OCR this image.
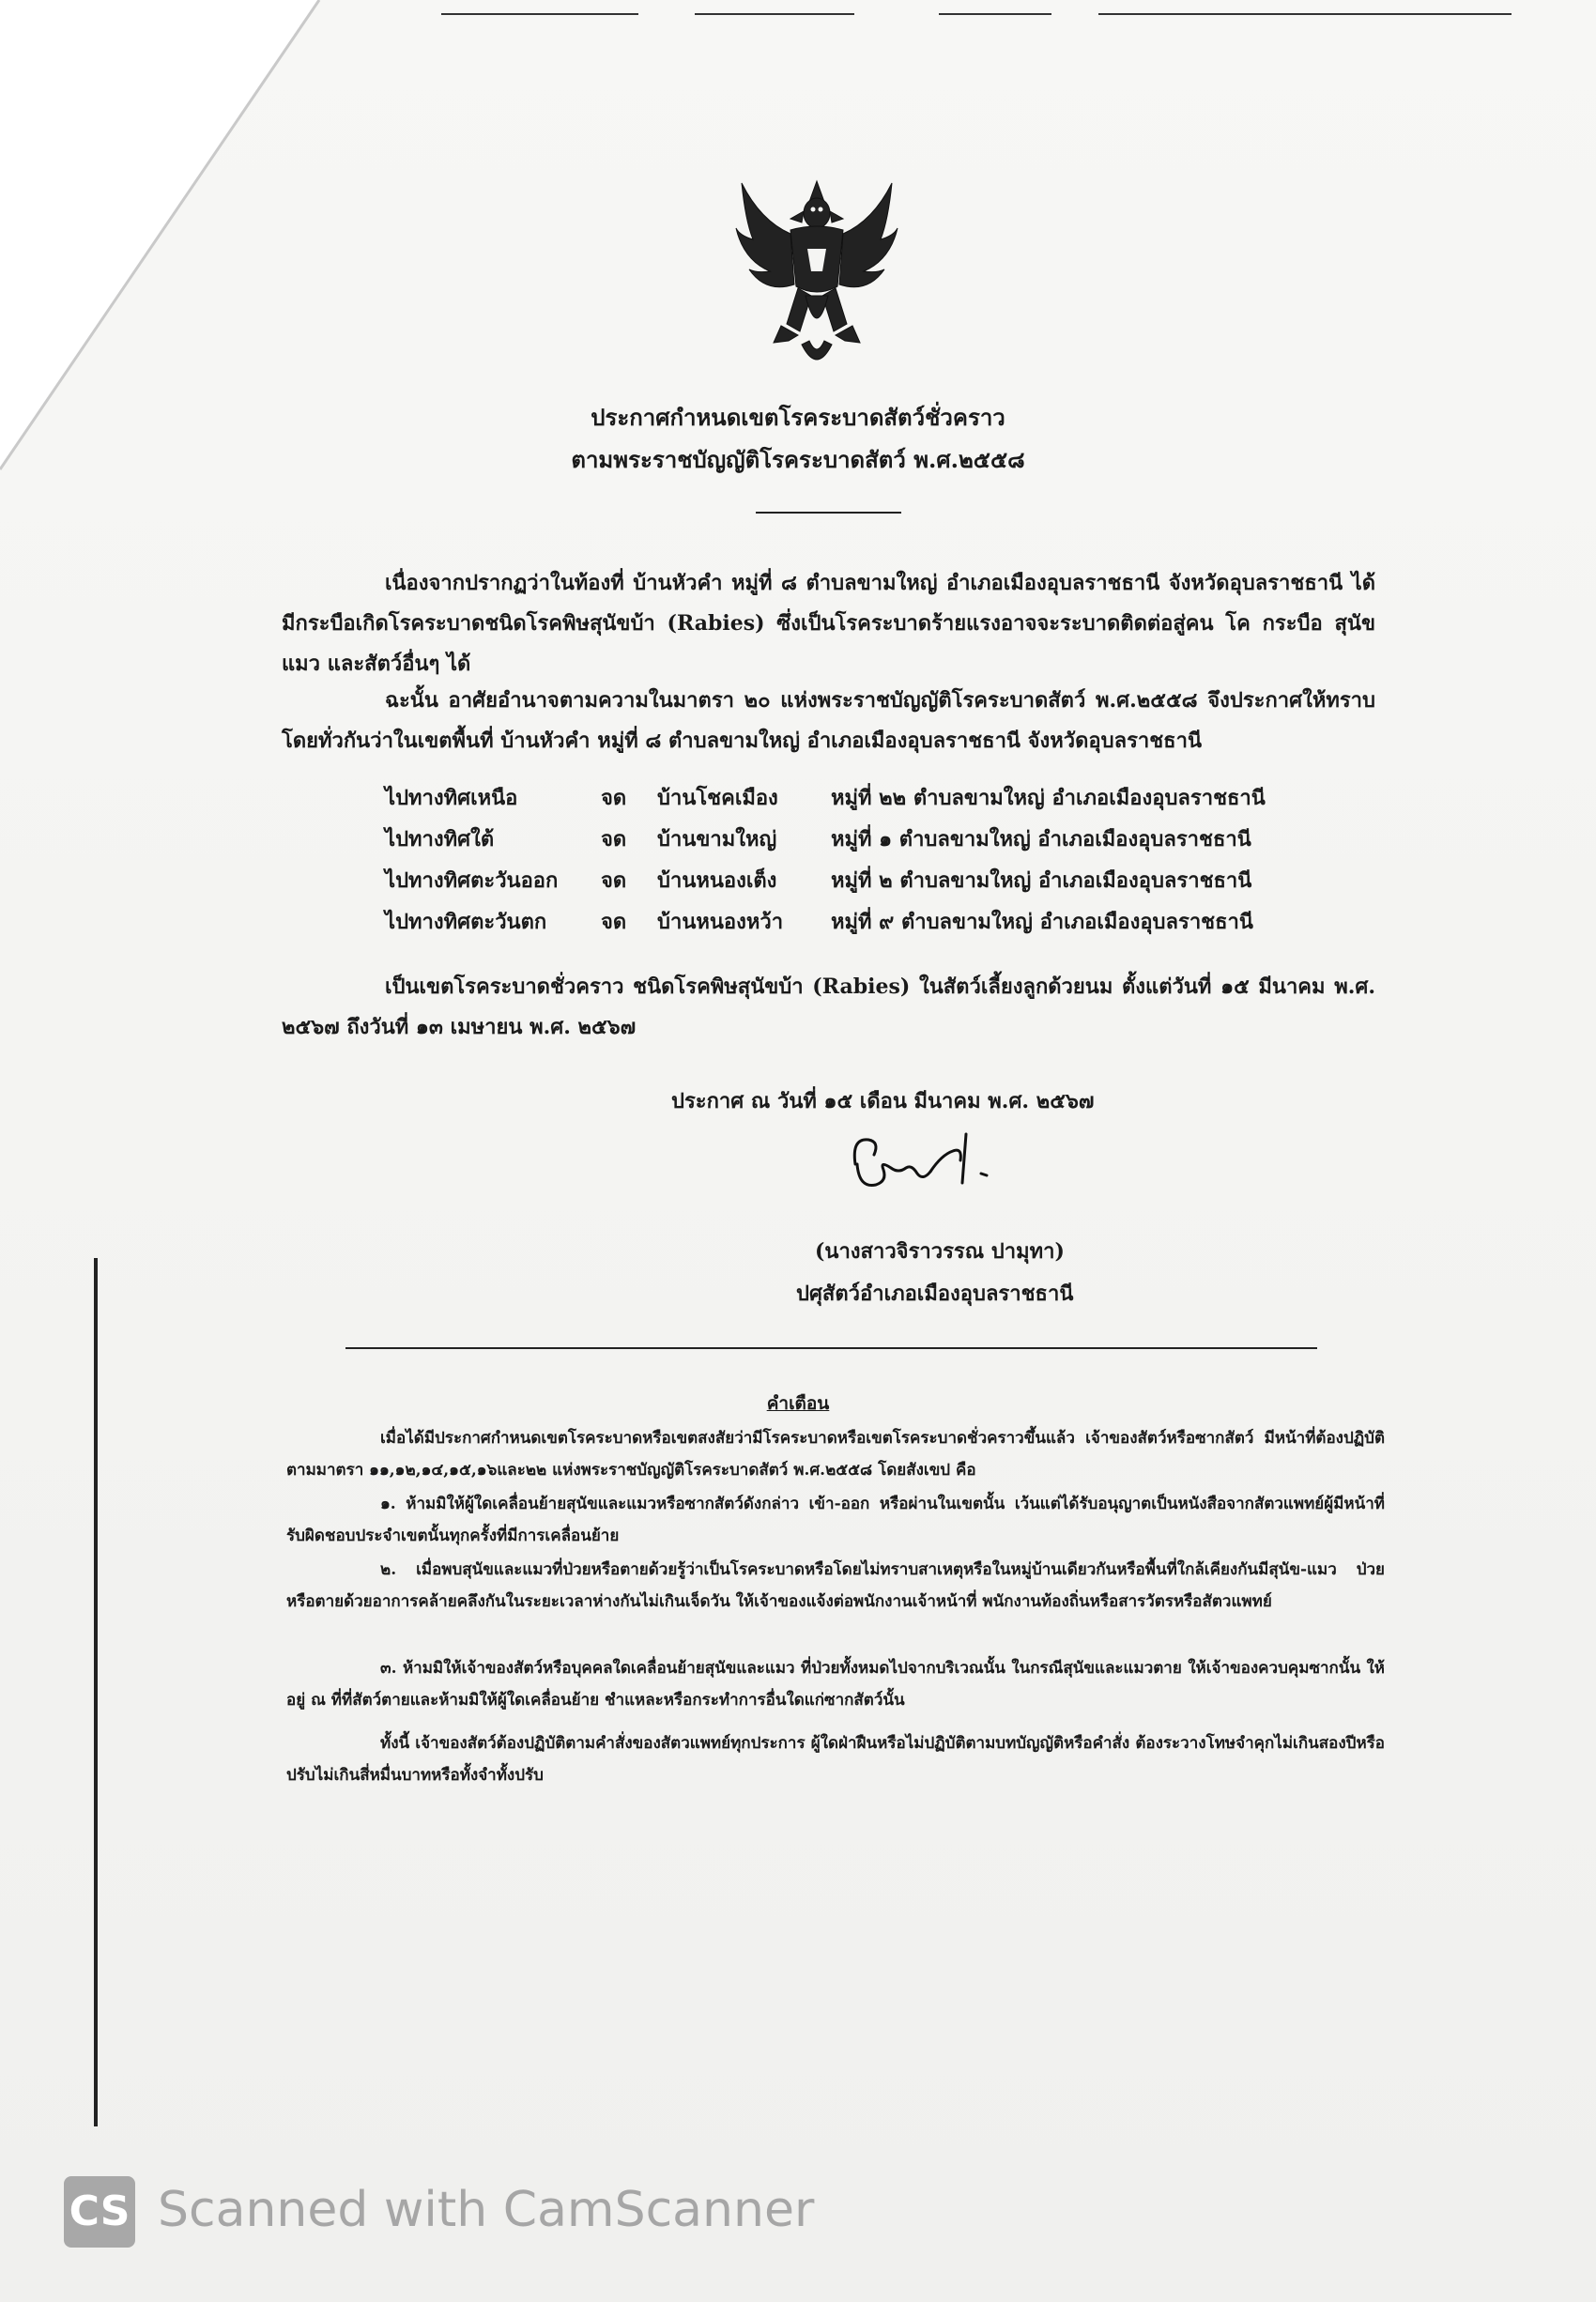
ประกาศกำหนดเขตโรคระบาดสัตว์ชั่วคราว
ตามพระราชบัญญัติโรคระบาดสัตว์ พ.ศ.๒๕๕๘
เนื่องจากปรากฏว่าในท้องที่ บ้านหัวคำ หมู่ที่ ๘ ตำบลขามใหญ่ อำเภอเมืองอุบลราชธานี จังหวัดอุบลราชธานี ได้มีกระบือเกิดโรคระบาดชนิดโรคพิษสุนัขบ้า (Rabies) ซึ่งเป็นโรคระบาดร้ายแรงอาจจะระบาดติดต่อสู่คน โค กระบือ สุนัข แมว และสัตว์อื่นๆ ได้
ฉะนั้น อาศัยอำนาจตามความในมาตรา ๒๐ แห่งพระราชบัญญัติโรคระบาดสัตว์ พ.ศ.๒๕๕๘ จึงประกาศให้ทราบโดยทั่วกันว่าในเขตพื้นที่ บ้านหัวคำ หมู่ที่ ๘ ตำบลขามใหญ่ อำเภอเมืองอุบลราชธานี จังหวัดอุบลราชธานี
ไปทางทิศเหนือ	จด บ้านโชคเมือง	หมู่ที่ ๒๒ ตำบลขามใหญ่ อำเภอเมืองอุบลราชธานี
ไปทางทิศใต้	จด บ้านขามใหญ่	หมู่ที่ ๑ ตำบลขามใหญ่ อำเภอเมืองอุบลราชธานี
ไปทางทิศตะวันออก จด บ้านหนองเต็ง	หมู่ที่ ๒ ตำบลขามใหญ่ อำเภอเมืองอุบลราชธานี
ไปทางทิศตะวันตก	จด บ้านหนองหว้า หมู่ที่ ๙ ตำบลขามใหญ่ อำเภอเมืองอุบลราชธานี
เป็นเขตโรคระบาดชั่วคราว ชนิดโรคพิษสุนัขบ้า (Rabies) ในสัตว์เลี้ยงลูกด้วยนม ตั้งแต่วันที่ ๑๕ มีนาคม พ.ศ. ๒๕๖๗ ถึงวันที่ ๑๓ เมษายน พ.ศ. ๒๕๖๗
ประกาศ ณ วันที่ ๑๕ เดือน มีนาคม พ.ศ. ๒๕๖๗
(นางสาวจิราวรรณ ปามุทา)
ปศุสัตว์อำเภอเมืองอุบลราชธานี
คำเตือน
เมื่อได้มีประกาศกำหนดเขตโรคระบาดหรือเขตสงสัยว่ามีโรคระบาดหรือเขตโรคระบาดชั่วคราวขึ้นแล้ว เจ้าของสัตว์หรือซากสัตว์ มีหน้าที่ต้องปฏิบัติตามมาตรา ๑๑,๑๒,๑๔,๑๕,๑๖และ๒๒ แห่งพระราชบัญญัติโรคระบาดสัตว์ พ.ศ.๒๕๕๘ โดยสังเขป คือ
๑. ห้ามมิให้ผู้ใดเคลื่อนย้ายสุนัขและแมวหรือซากสัตว์ดังกล่าว เข้า-ออก หรือผ่านในเขตนั้น เว้นแต่ได้รับอนุญาตเป็นหนังสือจากสัตวแพทย์ผู้มีหน้าที่รับผิดชอบประจำเขตนั้นทุกครั้งที่มีการเคลื่อนย้าย
๒. เมื่อพบสุนัขและแมวที่ป่วยหรือตายด้วยรู้ว่าเป็นโรคระบาดหรือโดยไม่ทราบสาเหตุหรือในหมู่บ้านเดียวกันหรือพื้นที่ใกล้เคียงกันมีสุนัข-แมว ป่วยหรือตายด้วยอาการคล้ายคลึงกันในระยะเวลาห่างกันไม่เกินเจ็ดวัน ให้เจ้าของแจ้งต่อพนักงานเจ้าหน้าที่ พนักงานท้องถิ่นหรือสารวัตรหรือสัตวแพทย์
๓. ห้ามมิให้เจ้าของสัตว์หรือบุคคลใดเคลื่อนย้ายสุนัขและแมว ที่ป่วยทั้งหมดไปจากบริเวณนั้น ในกรณีสุนัขและแมวตาย ให้เจ้าของควบคุมซากนั้น ให้อยู่ ณ ที่ที่สัตว์ตายและห้ามมิให้ผู้ใดเคลื่อนย้าย ชำแหละหรือกระทำการอื่นใดแก่ซากสัตว์นั้น
ทั้งนี้ เจ้าของสัตว์ต้องปฏิบัติตามคำสั่งของสัตวแพทย์ทุกประการ ผู้ใดฝ่าฝืนหรือไม่ปฏิบัติตามบทบัญญัติหรือคำสั่ง ต้องระวางโทษจำคุกไม่เกินสองปีหรือปรับไม่เกินสี่หมื่นบาทหรือทั้งจำทั้งปรับ
CS Scanned with CamScanner
